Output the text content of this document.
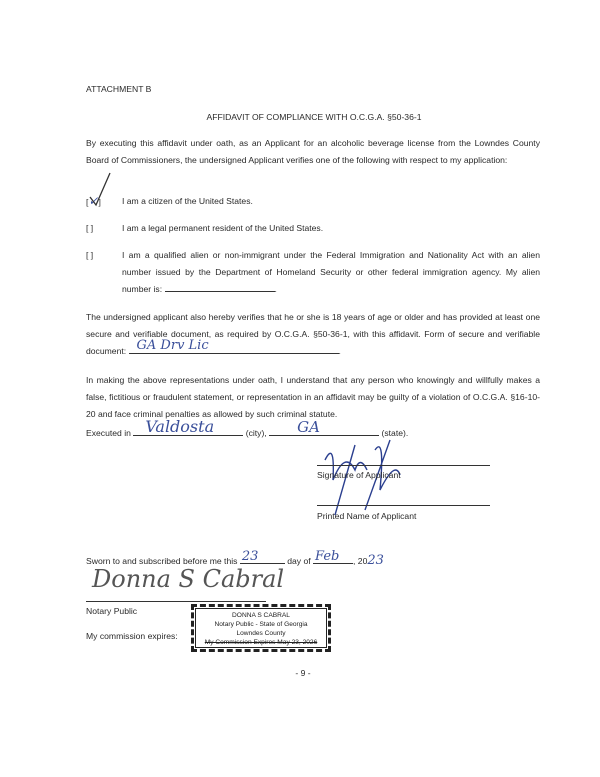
ATTACHMENT B
AFFIDAVIT OF COMPLIANCE WITH O.C.G.A. §50-36-1
By executing this affidavit under oath, as an Applicant for an alcoholic beverage license from the Lowndes County Board of Commissioners, the undersigned Applicant verifies one of the following with respect to my application:
[✓] I am a citizen of the United States.
[ ]	I am a legal permanent resident of the United States.
[ ]	I am a qualified alien or non-immigrant under the Federal Immigration and Nationality Act with an alien number issued by the Department of Homeland Security or other federal immigration agency. My alien number is:	.
The undersigned applicant also hereby verifies that he or she is 18 years of age or older and has provided at least one secure and verifiable document, as required by O.C.G.A. §50-36-1, with this affidavit. Form of secure and verifiable document: GA Drv Lic	.
In making the above representations under oath, I understand that any person who knowingly and willfully makes a false, fictitious or fraudulent statement, or representation in an affidavit may be guilty of a violation of O.C.G.A. §16-10-20 and face criminal penalties as allowed by such criminal statute.
Executed in Valdosta	(city), GA	(state).
Signature of Applicant
Printed Name of Applicant
Sworn to and subscribed before me this 23	day of Feb , 2023
Donna S Cabral
Notary Public
My commission expires:
DONNA S CABRAL
Notary Public - State of Georgia
Lowndes County
My Commission Expires May 23, 2026
- 9 -
